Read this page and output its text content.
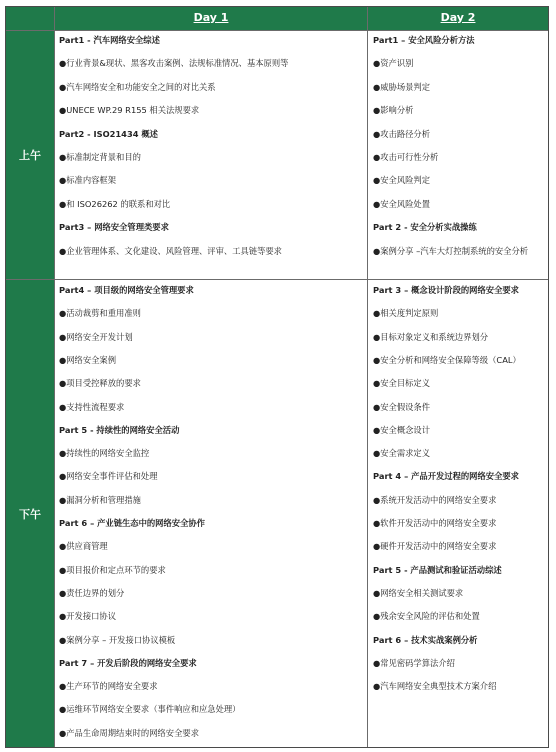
Day 1	Day 2
上午
下午
Part1 - 汽车网络安全综述
●行业背景&现状、黑客攻击案例、法规标准情况、基本原则等
●汽车网络安全和功能安全之间的对比关系
●UNECE WP.29 R155 相关法规要求
Part2 - ISO21434 概述
●标准制定背景和目的
●标准内容框架
●和 ISO26262 的联系和对比
Part3 – 网络安全管理类要求
●企业管理体系、文化建设、风险管理、评审、工具链等要求
Part1 – 安全风险分析方法
●资产识别
●威胁场景判定
●影响分析
●攻击路径分析
●攻击可行性分析
●安全风险判定
●安全风险处置
Part 2 - 安全分析实战操练
●案例分享 –汽车大灯控制系统的安全分析
Part4 – 项目级的网络安全管理要求
●活动裁剪和重用准则
●网络安全开发计划
●网络安全案例
●项目受控释放的要求
●支持性流程要求
Part 5 - 持续性的网络安全活动
●持续性的网络安全监控
●网络安全事件评估和处理
●漏洞分析和管理措施
Part 6 – 产业链生态中的网络安全协作
●供应商管理
●项目报价和定点环节的要求
●责任边界的划分
●开发接口协议
●案例分享 – 开发接口协议模板
Part 7 – 开发后阶段的网络安全要求
●生产环节的网络安全要求
●运维环节网络安全要求（事件响应和应急处理）
●产品生命周期结束时的网络安全要求
Part 3 – 概念设计阶段的网络安全要求
●相关度判定原则
●目标对象定义和系统边界划分
●安全分析和网络安全保障等级（CAL）
●安全目标定义
●安全假设条件
●安全概念设计
●安全需求定义
Part 4 – 产品开发过程的网络安全要求
●系统开发活动中的网络安全要求
●软件开发活动中的网络安全要求
●硬件开发活动中的网络安全要求
Part 5 - 产品测试和验证活动综述
●网络安全相关测试要求
●残余安全风险的评估和处置
Part 6 – 技术实战案例分析
●常见密码学算法介绍
●汽车网络安全典型技术方案介绍
